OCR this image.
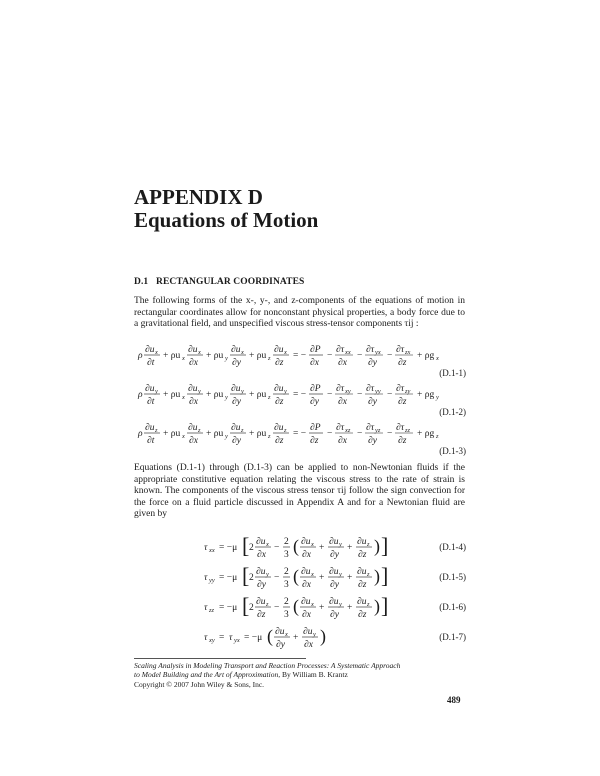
APPENDIX D
Equations of Motion
D.1 RECTANGULAR COORDINATES
The following forms of the x-, y-, and z-components of the equations of motion in rectangular coordinates allow for nonconstant physical properties, a body force due to a gravitational field, and unspecified viscous stress-tensor components τij :
ρ
∂u x
∂t
+ ρu x
∂u x
∂x
+ ρu y
∂u x
∂y
+ ρu z
∂u x
∂z
= −
∂P
∂x
−
∂τ xx
∂x
−
∂τ yx
∂y
−
∂τ zx
∂z
+ ρg x
(D.1-1)
ρ
∂u y
∂t
+ ρu x
∂u y
∂x
+ ρu y
∂u y
∂y
+ ρu z
∂u y
∂z
= −
∂P
∂y
−
∂τ xy
∂x
−
∂τ yy
∂y
−
∂τ zy
∂z
+ ρg y
(D.1-2)
ρ
∂u z
∂t
+ ρu x
∂u z
∂x
+ ρu y
∂u z
∂y
+ ρu z
∂u z
∂z
= −
∂P
∂z
−
∂τ xz
∂x
−
∂τ yz
∂y
−
∂τ zz
∂z
+ ρg z
(D.1-3)
Equations (D.1-1) through (D.1-3) can be applied to non-Newtonian fluids if the appropriate constitutive equation relating the viscous stress to the rate of strain is known. The components of the viscous stress tensor τij follow the sign convection for the force on a fluid particle discussed in Appendix A and for a Newtonian fluid are given by
τ xx = −μ [ 2
∂u x
∂x
−
2
3 ( ∂u x
∂x
+
∂u y
∂y
+
∂u z
∂z ) ]	(D.1-4)
τ yy = −μ [ 2
∂u y
∂y
−
2
3 ( ∂u x
∂x
+
∂u y
∂y
+
∂u z
∂z ) ]	(D.1-5)
τ zz = −μ [ 2
∂u z
∂z
−
2
3 ( ∂u x
∂x
+
∂u y
∂y
+
∂u z
∂z ) ]	(D.1-6)
τ xy = τ yx = −μ ( ∂u x
∂y
+
∂u y
∂x )	(D.1-7)
Scaling Analysis in Modeling Transport and Reaction Processes: A Systematic Approach
to Model Building and the Art of Approximation, By William B. Krantz
Copyright © 2007 John Wiley & Sons, Inc.
489
